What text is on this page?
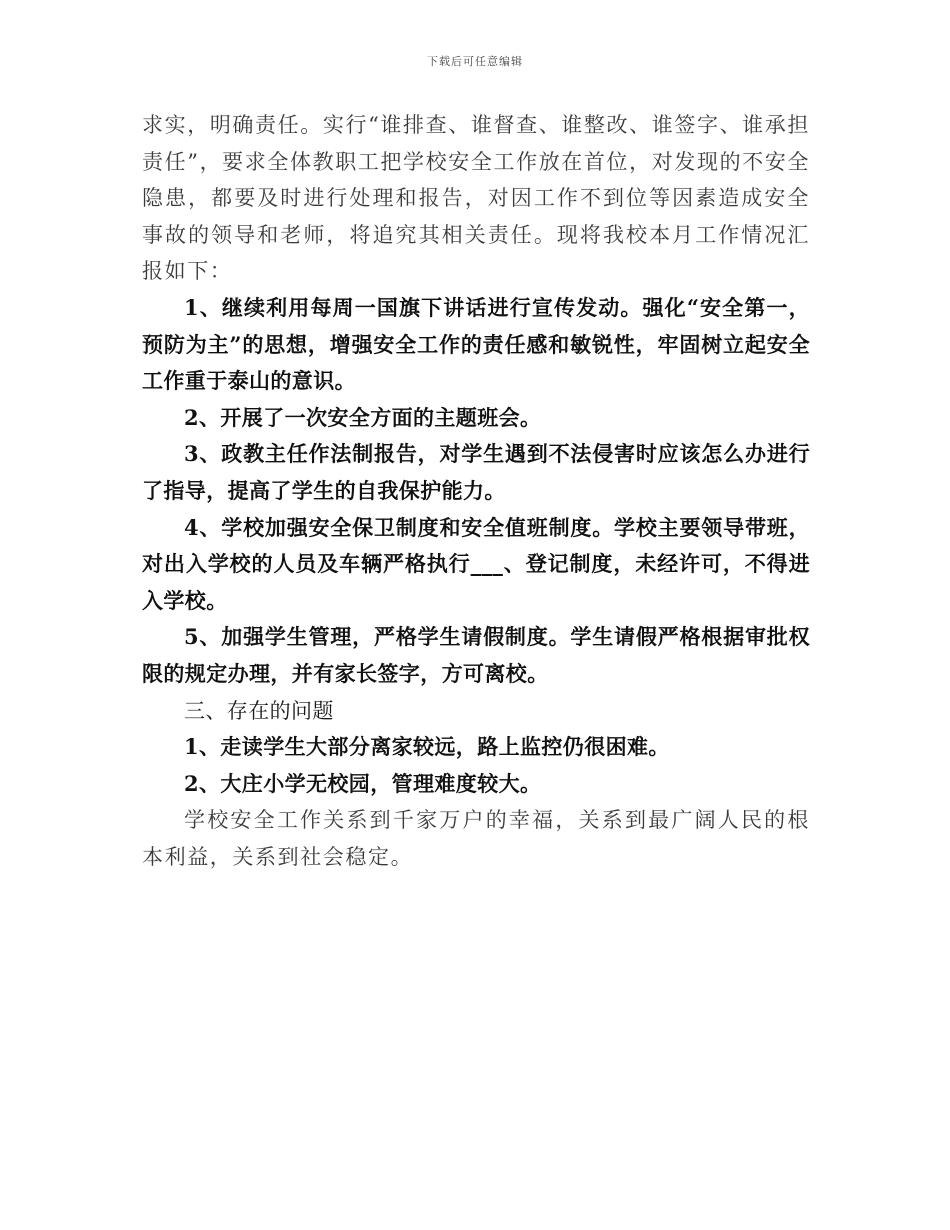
下载后可任意编辑

求实，明确责任。实行“谁排查、谁督查、谁整改、谁签字、谁承担责任”，要求全体教职工把学校安全工作放在首位，对发现的不安全隐患，都要及时进行处理和报告，对因工作不到位等因素造成安全事故的领导和老师，将追究其相关责任。现将我校本月工作情况汇报如下：

1、继续利用每周一国旗下讲话进行宣传发动。强化“安全第一，预防为主”的思想，增强安全工作的责任感和敏锐性，牢固树立起安全工作重于泰山的意识。

2、开展了一次安全方面的主题班会。

3、政教主任作法制报告，对学生遇到不法侵害时应该怎么办进行了指导，提高了学生的自我保护能力。

4、学校加强安全保卫制度和安全值班制度。学校主要领导带班，对出入学校的人员及车辆严格执行___、登记制度，未经许可，不得进入学校。

5、加强学生管理，严格学生请假制度。学生请假严格根据审批权限的规定办理，并有家长签字，方可离校。

三、存在的问题

1、走读学生大部分离家较远，路上监控仍很困难。

2、大庄小学无校园，管理难度较大。

学校安全工作关系到千家万户的幸福，关系到最广阔人民的根本利益，关系到社会稳定。
